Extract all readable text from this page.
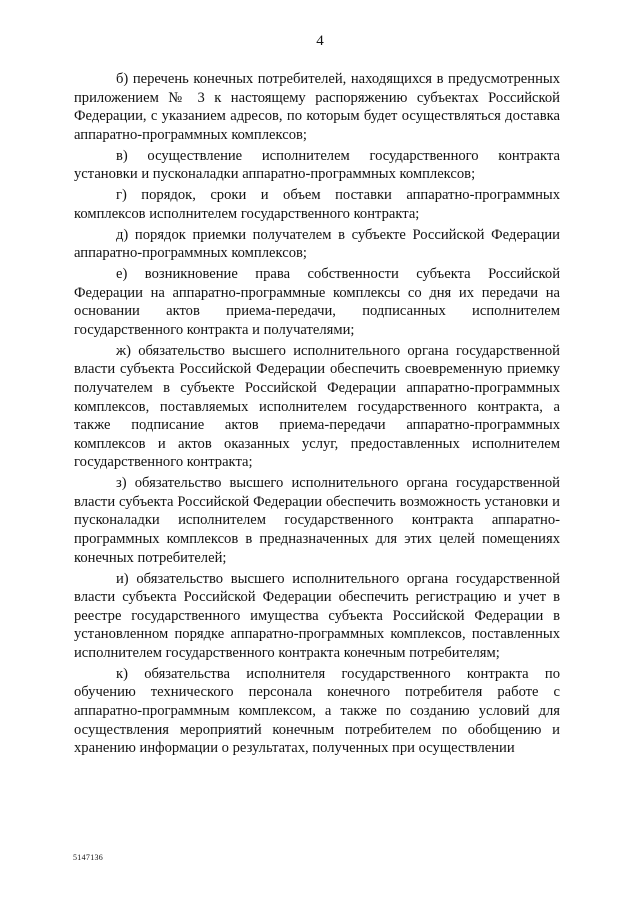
4

б) перечень конечных потребителей, находящихся в предусмотренных приложением № 3 к настоящему распоряжению субъектах Российской Федерации, с указанием адресов, по которым будет осуществляться доставка аппаратно-программных комплексов;

в) осуществление исполнителем государственного контракта установки и пусконаладки аппаратно-программных комплексов;

г) порядок, сроки и объем поставки аппаратно-программных комплексов исполнителем государственного контракта;

д) порядок приемки получателем в субъекте Российской Федерации аппаратно-программных комплексов;

е) возникновение права собственности субъекта Российской Федерации на аппаратно-программные комплексы со дня их передачи на основании актов приема-передачи, подписанных исполнителем государственного контракта и получателями;

ж) обязательство высшего исполнительного органа государственной власти субъекта Российской Федерации обеспечить своевременную приемку получателем в субъекте Российской Федерации аппаратно-программных комплексов, поставляемых исполнителем государственного контракта, а также подписание актов приема-передачи аппаратно-программных комплексов и актов оказанных услуг, предоставленных исполнителем государственного контракта;

з) обязательство высшего исполнительного органа государственной власти субъекта Российской Федерации обеспечить возможность установки и пусконаладки исполнителем государственного контракта аппаратно-программных комплексов в предназначенных для этих целей помещениях конечных потребителей;

и) обязательство высшего исполнительного органа государственной власти субъекта Российской Федерации обеспечить регистрацию и учет в реестре государственного имущества субъекта Российской Федерации в установленном порядке аппаратно-программных комплексов, поставленных исполнителем государственного контракта конечным потребителям;

к) обязательства исполнителя государственного контракта по обучению технического персонала конечного потребителя работе с аппаратно-программным комплексом, а также по созданию условий для осуществления мероприятий конечным потребителем по обобщению и хранению информации о результатах, полученных при осуществлении

5147136
